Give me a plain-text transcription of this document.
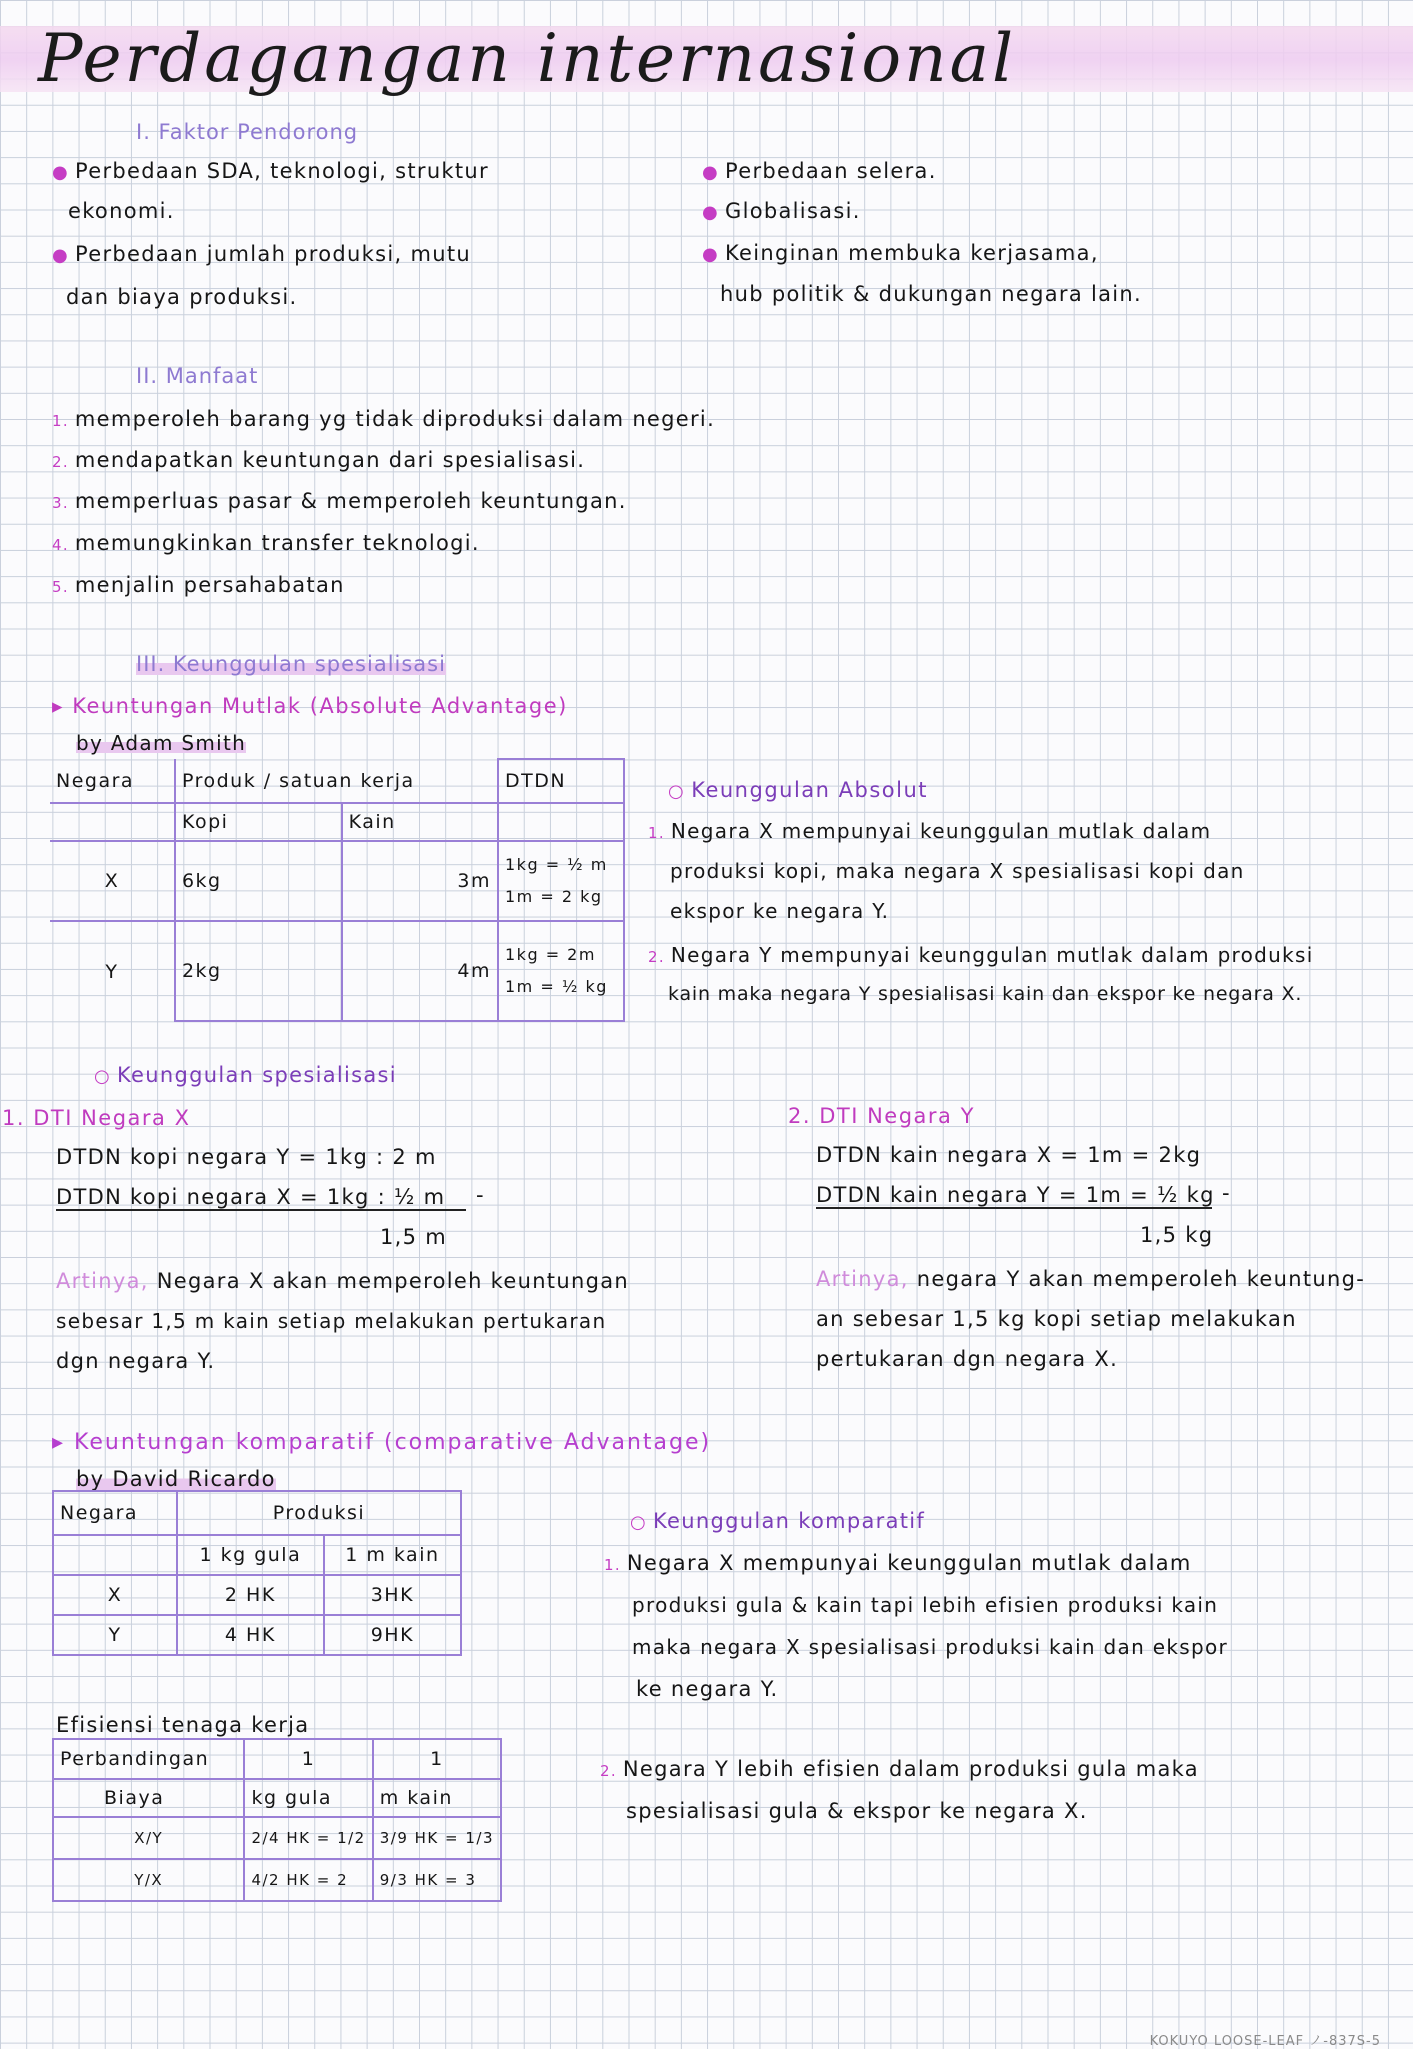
Perdagangan internasional
I. Faktor Pendorong
● Perbedaan SDA, teknologi, struktur
ekonomi.
● Perbedaan jumlah produksi, mutu
dan biaya produksi.
● Perbedaan selera.
● Globalisasi.
● Keinginan membuka kerjasama,
hub politik & dukungan negara lain.
II. Manfaat
1. memperoleh barang yg tidak diproduksi dalam negeri.
2. mendapatkan keuntungan dari spesialisasi.
3. memperluas pasar & memperoleh keuntungan.
4. memungkinkan transfer teknologi.
5. menjalin persahabatan
III. Keunggulan spesialisasi
▸ Keuntungan Mutlak (Absolute Advantage)
by Adam Smith
Negara	Produk / satuan kerja		DTDN
	Kopi	Kain	
X	6kg	3m	1kg = ½ m
1m = 2 kg

Y	2kg	4m	1kg = 2m
1m = ½ kg
○ Keunggulan Absolut
1. Negara X mempunyai keunggulan mutlak dalam
produksi kopi, maka negara X spesialisasi kopi dan
ekspor ke negara Y.
2. Negara Y mempunyai keunggulan mutlak dalam produksi
kain maka negara Y spesialisasi kain dan ekspor ke negara X.
○ Keunggulan spesialisasi
1. DTI Negara X
DTDN kopi negara Y = 1kg : 2 m
DTDN kopi negara X = 1kg : ½ m	-
1,5 m
Artinya, Negara X akan memperoleh keuntungan
sebesar 1,5 m kain setiap melakukan pertukaran
dgn negara Y.
2. DTI Negara Y
DTDN kain negara X = 1m = 2kg
DTDN kain negara Y = 1m = ½ kg -
1,5 kg
Artinya, negara Y akan memperoleh keuntung-
an sebesar 1,5 kg kopi setiap melakukan
pertukaran dgn negara X.
▸ Keuntungan komparatif (comparative Advantage)
by David Ricardo
Negara	Produksi	
	1 kg gula	1 m kain
X	2 HK	3HK
Y	4 HK	9HK
Efisiensi tenaga kerja
Perbandingan	1	1
Biaya	kg gula	m kain
X/Y	2/4 HK = 1/2	3/9 HK = 1/3
Y/X	4/2 HK = 2	9/3 HK = 3
○ Keunggulan komparatif
1. Negara X mempunyai keunggulan mutlak dalam
produksi gula & kain tapi lebih efisien produksi kain
maka negara X spesialisasi produksi kain dan ekspor
ke negara Y.
2. Negara Y lebih efisien dalam produksi gula maka
spesialisasi gula & ekspor ke negara X.
KOKUYO LOOSE-LEAF ノ-837S-5
